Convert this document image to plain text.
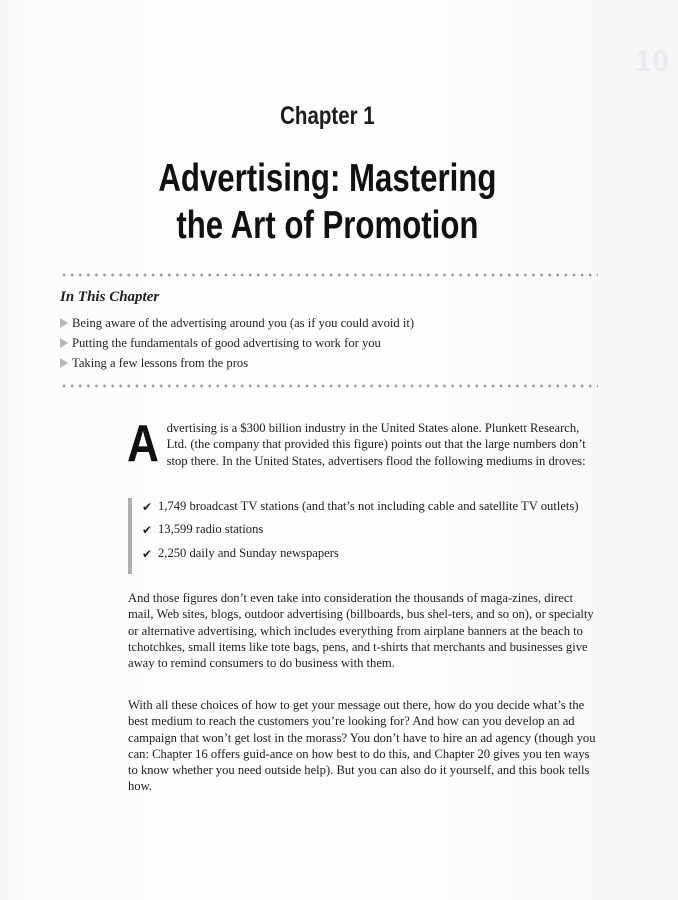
10
Chapter 1
Advertising: Mastering
the Art of Promotion
In This Chapter
Being aware of the advertising around you (as if you could avoid it)
Putting the fundamentals of good advertising to work for you
Taking a few lessons from the pros
Advertising is a $300 billion industry in the United States alone. Plunkett Research, Ltd. (the company that provided this figure) points out that the large numbers don’t stop there. In the United States, advertisers flood the following mediums in droves:
✔ 1,749 broadcast TV stations (and that’s not including cable and satellite TV outlets)
✔ 13,599 radio stations
✔ 2,250 daily and Sunday newspapers
And those figures don’t even take into consideration the thousands of maga-zines, direct mail, Web sites, blogs, outdoor advertising (billboards, bus shel-ters, and so on), or specialty or alternative advertising, which includes everything from airplane banners at the beach to tchotchkes, small items like tote bags, pens, and t-shirts that merchants and businesses give away to remind consumers to do business with them.
With all these choices of how to get your message out there, how do you decide what’s the best medium to reach the customers you’re looking for? And how can you develop an ad campaign that won’t get lost in the morass? You don’t have to hire an ad agency (though you can: Chapter 16 offers guid-ance on how best to do this, and Chapter 20 gives you ten ways to know whether you need outside help). But you can also do it yourself, and this book tells how.
